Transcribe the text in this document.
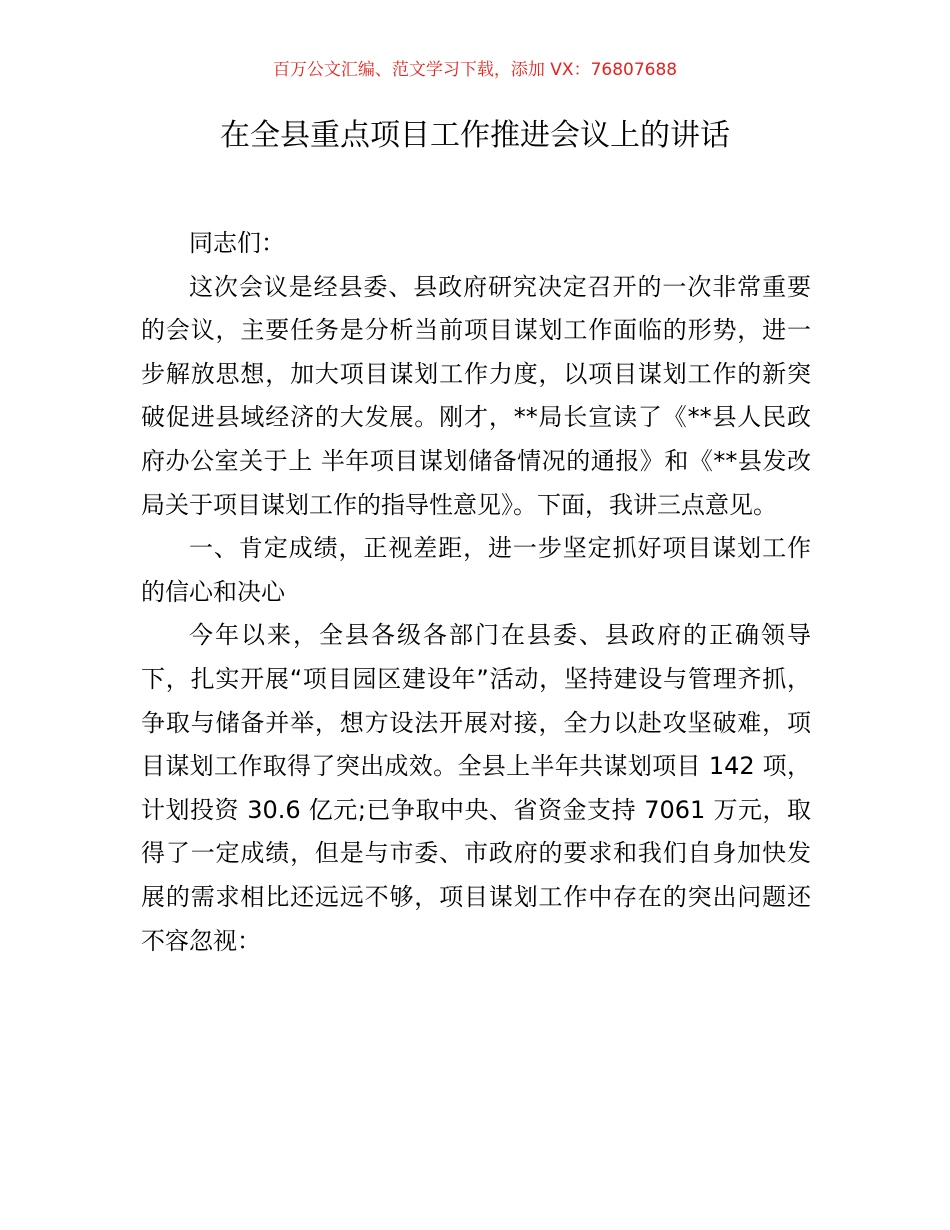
百万公文汇编、范文学习下载，添加 VX：76807688
在全县重点项目工作推进会议上的讲话

同志们：

这次会议是经县委、县政府研究决定召开的一次非常重要的会议，主要任务是分析当前项目谋划工作面临的形势，进一步解放思想，加大项目谋划工作力度，以项目谋划工作的新突破促进县域经济的大发展。刚才，**局长宣读了《**县人民政府办公室关于上 半年项目谋划储备情况的通报》和《**县发改局关于项目谋划工作的指导性意见》。下面，我讲三点意见。

一、肯定成绩，正视差距，进一步坚定抓好项目谋划工作的信心和决心

今年以来，全县各级各部门在县委、县政府的正确领导下，扎实开展“项目园区建设年”活动，坚持建设与管理齐抓，争取与储备并举，想方设法开展对接，全力以赴攻坚破难，项目谋划工作取得了突出成效。全县上半年共谋划项目 142 项，计划投资 30.6 亿元;已争取中央、省资金支持 7061 万元，取得了一定成绩，但是与市委、市政府的要求和我们自身加快发展的需求相比还远远不够，项目谋划工作中存在的突出问题还不容忽视：
